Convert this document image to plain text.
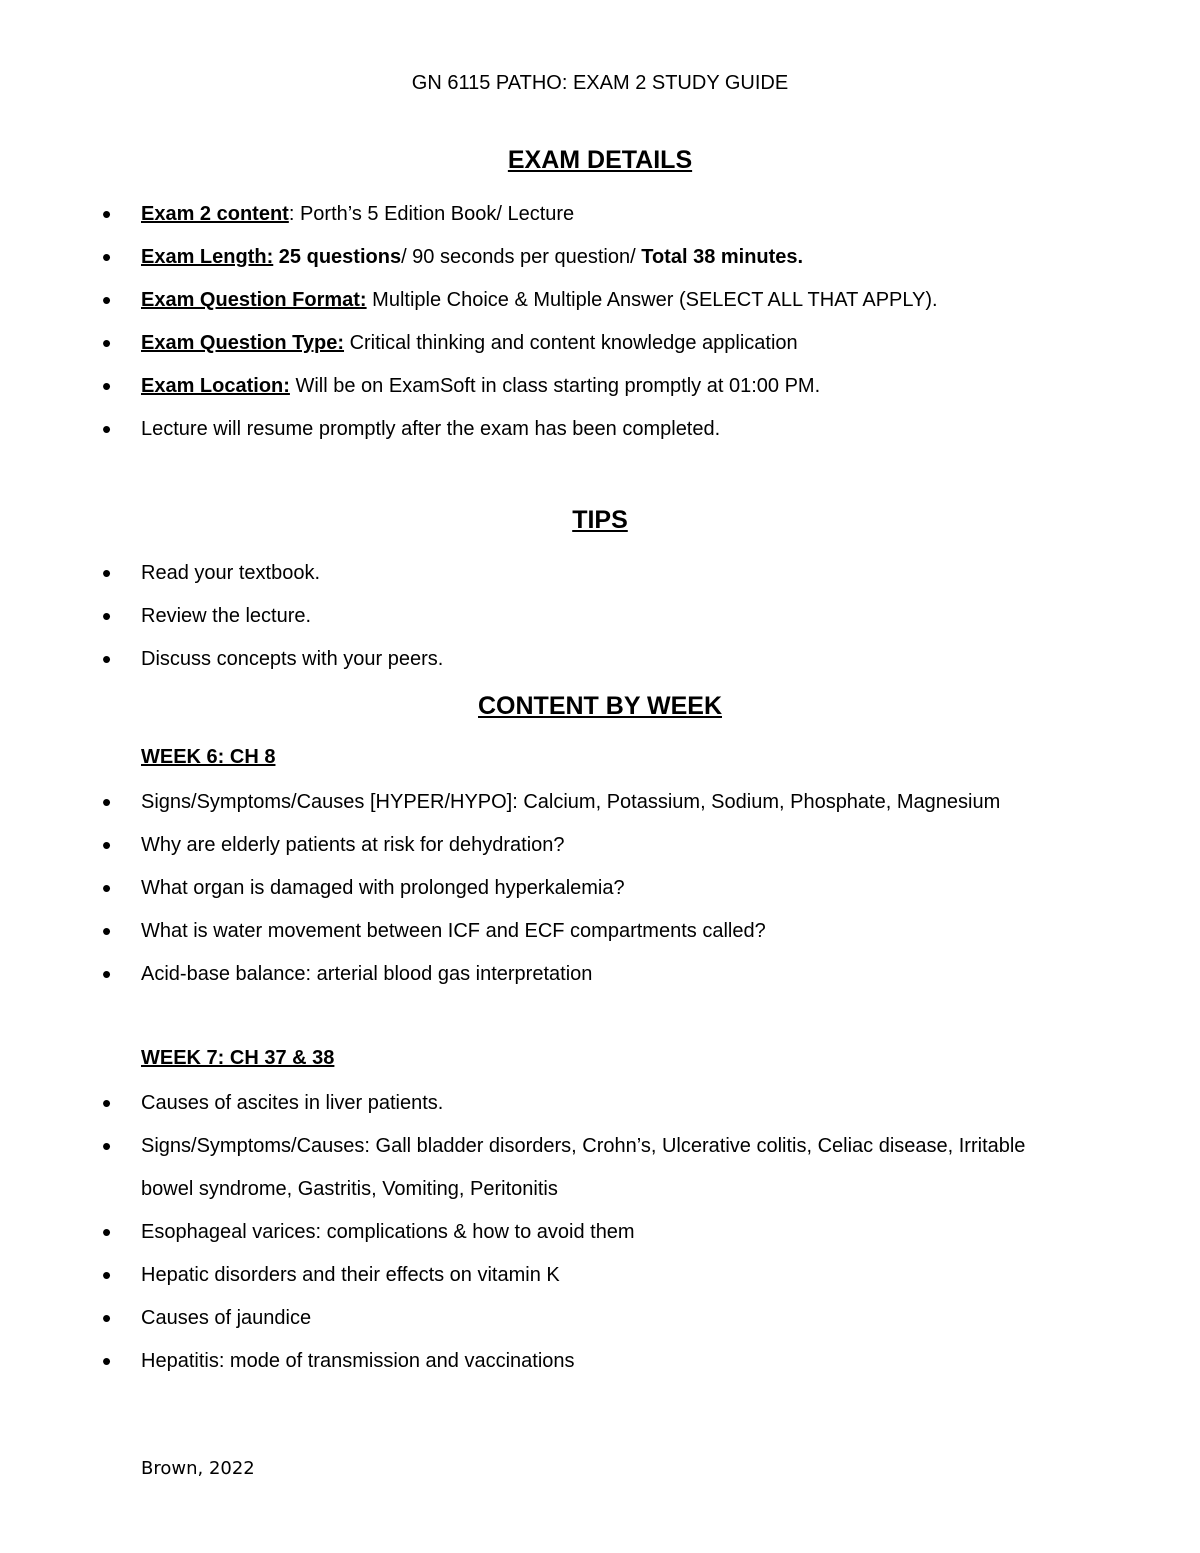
GN 6115 PATHO: EXAM 2 STUDY GUIDE
EXAM DETAILS
• Exam 2 content: Porth’s 5 Edition Book/ Lecture
• Exam Length: 25 questions/ 90 seconds per question/ Total 38 minutes.
• Exam Question Format: Multiple Choice & Multiple Answer (SELECT ALL THAT APPLY).
• Exam Question Type: Critical thinking and content knowledge application
• Exam Location: Will be on ExamSoft in class starting promptly at 01:00 PM.
• Lecture will resume promptly after the exam has been completed.
TIPS
• Read your textbook.
• Review the lecture.
• Discuss concepts with your peers.
CONTENT BY WEEK
WEEK 6: CH 8
• Signs/Symptoms/Causes [HYPER/HYPO]: Calcium, Potassium, Sodium, Phosphate, Magnesium
• Why are elderly patients at risk for dehydration?
• What organ is damaged with prolonged hyperkalemia?
• What is water movement between ICF and ECF compartments called?
• Acid-base balance: arterial blood gas interpretation
WEEK 7: CH 37 & 38
• Causes of ascites in liver patients.
• Signs/Symptoms/Causes: Gall bladder disorders, Crohn’s, Ulcerative colitis, Celiac disease, Irritable bowel syndrome, Gastritis, Vomiting, Peritonitis
• Esophageal varices: complications & how to avoid them
• Hepatic disorders and their effects on vitamin K
• Causes of jaundice
• Hepatitis: mode of transmission and vaccinations
Brown, 2022
